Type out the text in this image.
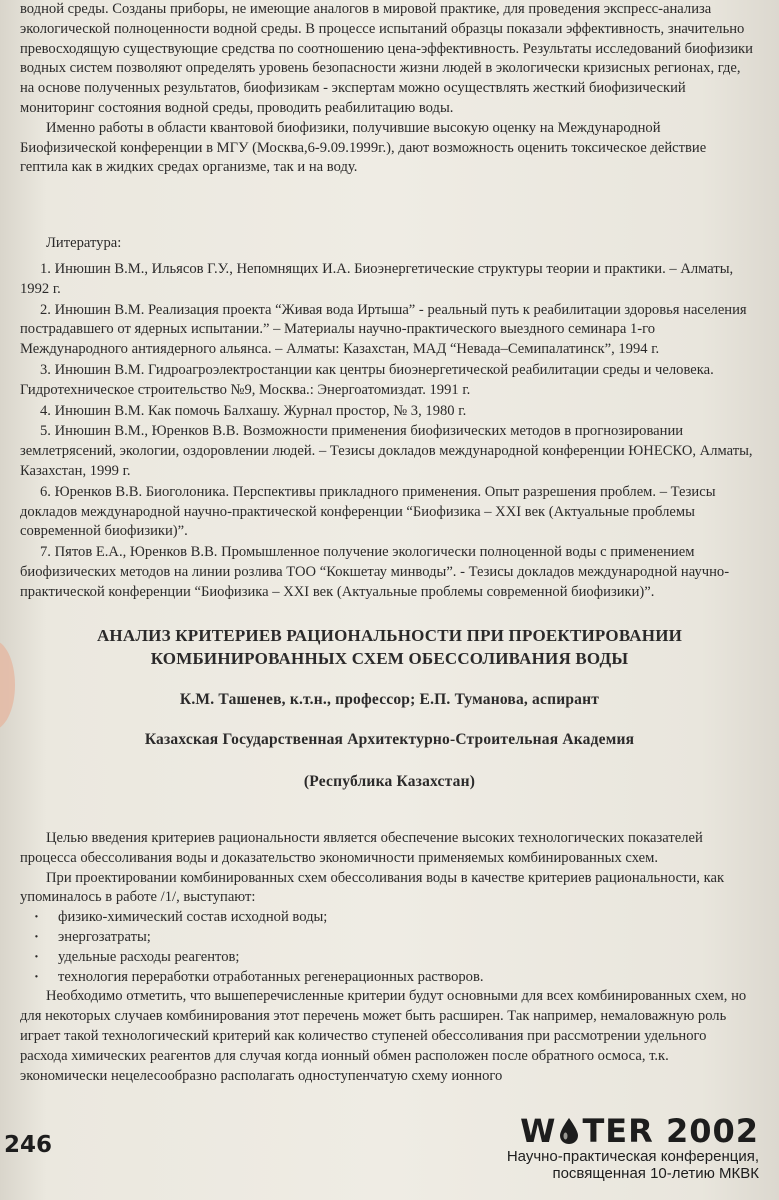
водной среды. Созданы приборы, не имеющие аналогов в мировой практике, для проведения экспресс-анализа экологической полноценности водной среды. В процессе испытаний образцы показали эффективность, значительно превосходящую существующие средства по соотношению цена-эффективность. Результаты исследований биофизики водных систем позволяют определять уровень безопасности жизни людей в экологически кризисных регионах, где, на основе полученных результатов, биофизикам - экспертам можно осуществлять жесткий биофизический мониторинг состояния водной среды, проводить реабилитацию воды.

Именно работы в области квантовой биофизики, получившие высокую оценку на Международной Биофизической конференции в МГУ (Москва,6-9.09.1999г.), дают возможность оценить токсическое действие гептила как в жидких средах организме, так и на воду.

Литература:

1. Инюшин В.М., Ильясов Г.У., Непомнящих И.А. Биоэнергетические структуры теории и практики. – Алматы, 1992 г.

2. Инюшин В.М. Реализация проекта “Живая вода Иртыша” - реальный путь к реабилитации здоровья населения пострадавшего от ядерных испытании.” – Материалы научно-практического выездного семинара 1-го Международного антиядерного альянса. – Алматы: Казахстан, МАД “Невада–Семипалатинск”, 1994 г.

3. Инюшин В.М. Гидроагроэлектростанции как центры биоэнергетической реабилитации среды и человека. Гидротехническое строительство №9, Москва.: Энергоатомиздат. 1991 г.

4. Инюшин В.М. Как помочь Балхашу. Журнал простор, № 3, 1980 г.

5. Инюшин В.М., Юренков В.В. Возможности применения биофизических методов в прогнозировании землетрясений, экологии, оздоровлении людей. – Тезисы докладов международной конференции ЮНЕСКО, Алматы, Казахстан, 1999 г.

6. Юренков В.В. Биоголоника. Перспективы прикладного применения. Опыт разрешения проблем. – Тезисы докладов международной научно-практической конференции “Биофизика – XXI век (Актуальные проблемы современной биофизики)”.

7. Пятов Е.А., Юренков В.В. Промышленное получение экологически полноценной воды с применением биофизических методов на линии розлива ТОО “Кокшетау минводы”. - Тезисы докладов международной научно-практической конференции “Биофизика – XXI век (Актуальные проблемы современной биофизики)”.

АНАЛИЗ КРИТЕРИЕВ РАЦИОНАЛЬНОСТИ ПРИ ПРОЕКТИРОВАНИИ
КОМБИНИРОВАННЫХ СХЕМ ОБЕССОЛИВАНИЯ ВОДЫ
К.М. Ташенев, к.т.н., профессор; Е.П. Туманова, аспирант
Казахская Государственная Архитектурно-Строительная Академия
(Республика Казахстан)

Целью введения критериев рациональности является обеспечение высоких технологических показателей процесса обессоливания воды и доказательство экономичности применяемых комбинированных схем.

При проектировании комбинированных схем обессоливания воды в качестве критериев рациональности, как упоминалось в работе /1/, выступают:

· физико-химический состав исходной воды;

· энергозатраты;

· удельные расходы реагентов;

· технология переработки отработанных регенерационных растворов.

Необходимо отметить, что вышеперечисленные критерии будут основными для всех комбинированных схем, но для некоторых случаев комбинирования этот перечень может быть расширен. Так например, немаловажную роль играет такой технологический критерий как количество ступеней обессоливания при рассмотрении удельного расхода химических реагентов для случая когда ионный обмен расположен после обратного осмоса, т.к. экономически нецелесообразно располагать одноступенчатую схему ионного

246	W TER 2002
Научно-практическая конференция,
посвященная 10-летию МКВК
